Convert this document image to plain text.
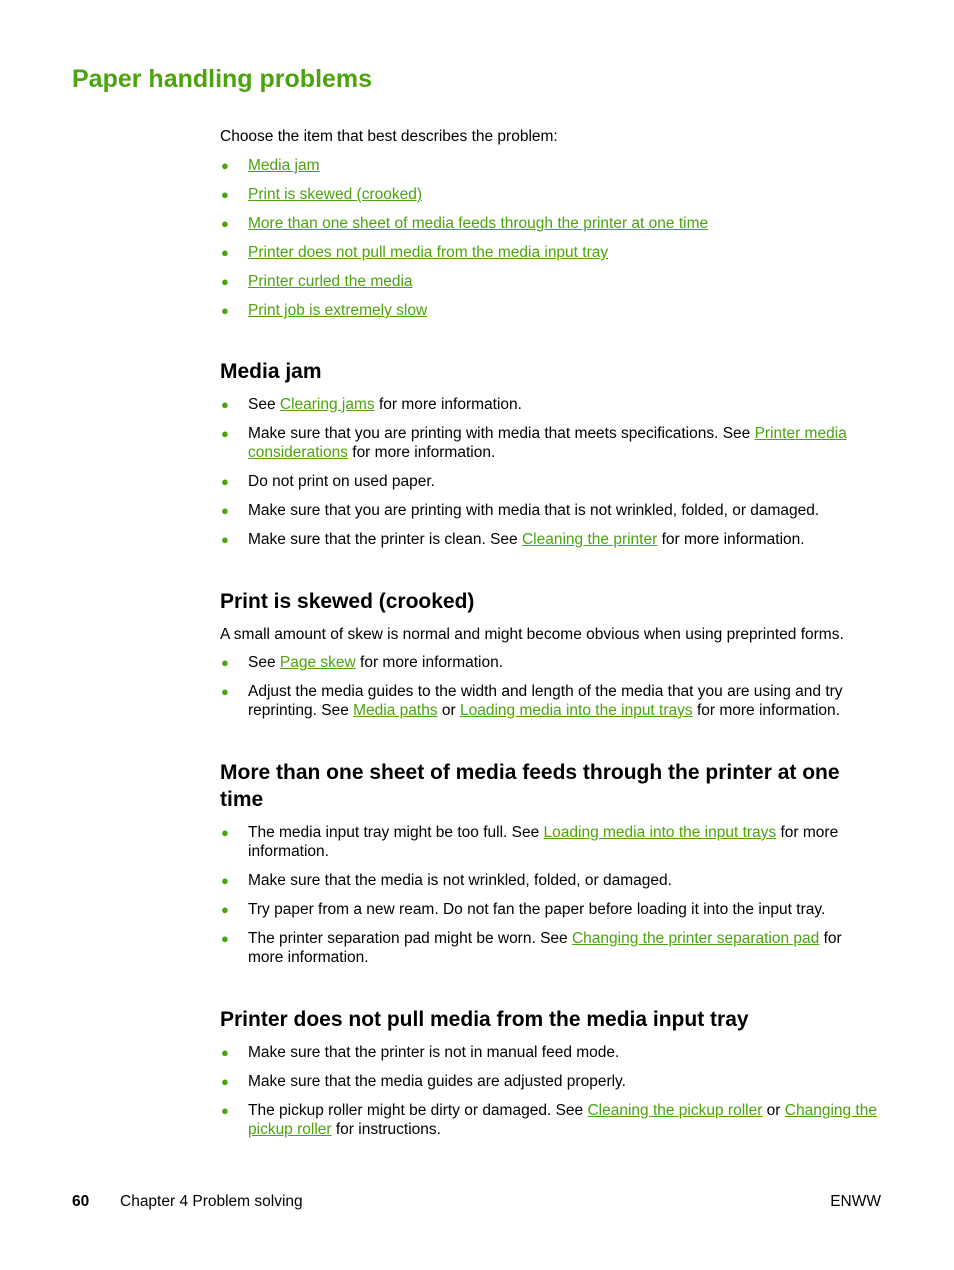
Paper handling problems
Choose the item that best describes the problem:
● Media jam
● Print is skewed (crooked)
● More than one sheet of media feeds through the printer at one time
● Printer does not pull media from the media input tray
● Printer curled the media
● Print job is extremely slow
Media jam
● See Clearing jams for more information.
● Make sure that you are printing with media that meets specifications. See Printer media considerations for more information.
● Do not print on used paper.
● Make sure that you are printing with media that is not wrinkled, folded, or damaged.
● Make sure that the printer is clean. See Cleaning the printer for more information.
Print is skewed (crooked)
A small amount of skew is normal and might become obvious when using preprinted forms.
● See Page skew for more information.
● Adjust the media guides to the width and length of the media that you are using and try reprinting. See Media paths or Loading media into the input trays for more information.
More than one sheet of media feeds through the printer at one time
● The media input tray might be too full. See Loading media into the input trays for more information.
● Make sure that the media is not wrinkled, folded, or damaged.
● Try paper from a new ream. Do not fan the paper before loading it into the input tray.
● The printer separation pad might be worn. See Changing the printer separation pad for more information.
Printer does not pull media from the media input tray
● Make sure that the printer is not in manual feed mode.
● Make sure that the media guides are adjusted properly.
● The pickup roller might be dirty or damaged. See Cleaning the pickup roller or Changing the pickup roller for instructions.
60 Chapter 4 Problem solving	ENWW
